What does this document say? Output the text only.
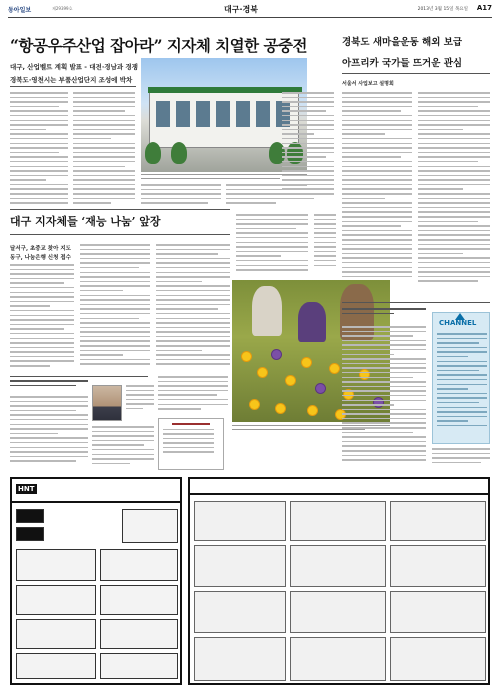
동아일보	제29399호	대구·경북	2013년 3월 15일 목요일 A17
“항공우주산업 잡아라” 지자체 치열한 공중전
대구, 산업벨트 계획 발표 - 대전·경남과 경쟁
경북도·영천시는 부품산업단지 조성에 박차
경북도 새마을운동 해외 보급
아프리카 국가들 뜨거운 관심
서울서 사업보고 설명회
대구 지자체들 ‘재능 나눔’ 앞장
달서구, 초중교 찾아 지도
동구, 나눔은행 신청 접수
CHANNEL
HNT
